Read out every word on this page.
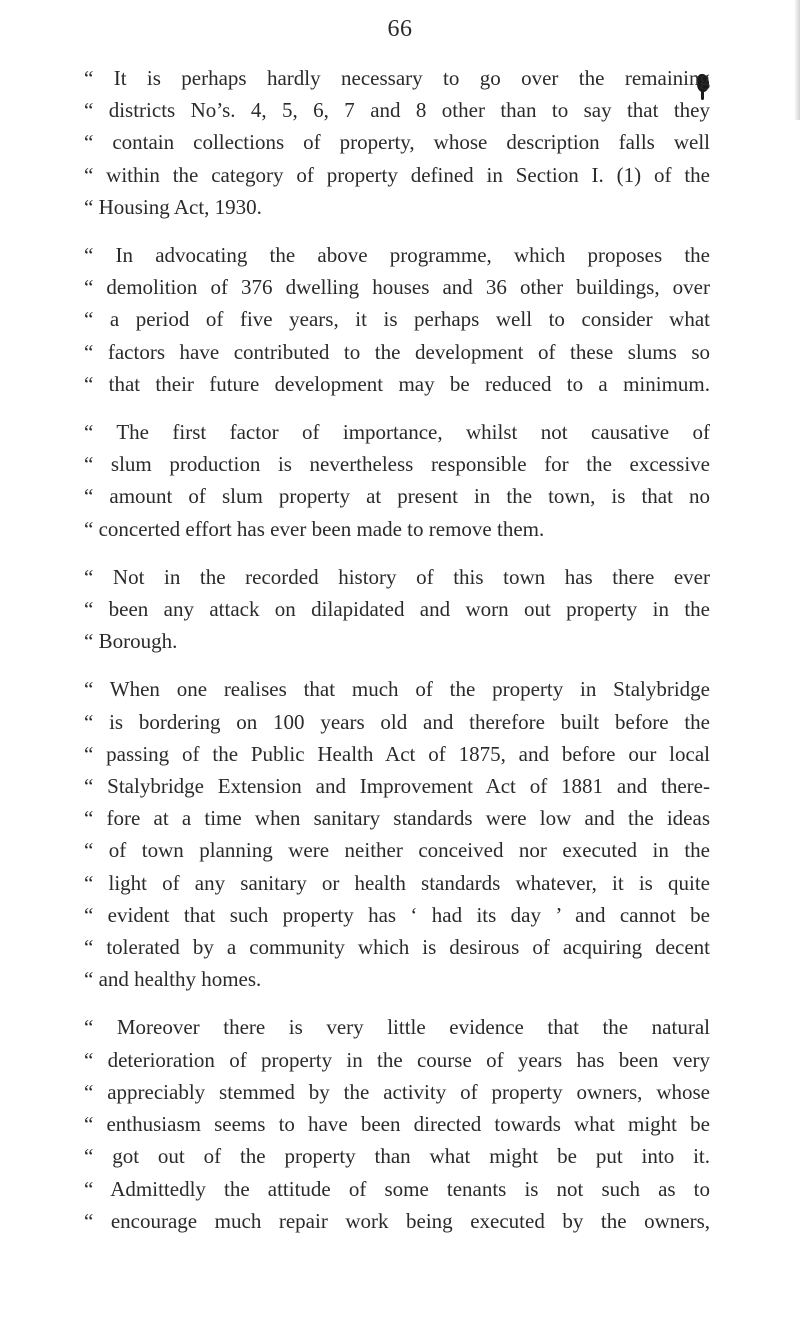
66
“ It is perhaps hardly necessary to go over the remaining
“ districts No’s. 4, 5, 6, 7 and 8 other than to say that they
“ contain collections of property, whose description falls well
“ within the category of property defined in Section I. (1) of the
“ Housing Act, 1930.
“ In advocating the above programme, which proposes the
“ demolition of 376 dwelling houses and 36 other buildings, over
“ a period of five years, it is perhaps well to consider what
“ factors have contributed to the development of these slums so
“ that their future development may be reduced to a minimum.
“ The first factor of importance, whilst not causative of
“ slum production is nevertheless responsible for the excessive
“ amount of slum property at present in the town, is that no
“ concerted effort has ever been made to remove them.
“ Not in the recorded history of this town has there ever
“ been any attack on dilapidated and worn out property in the
“ Borough.
“ When one realises that much of the property in Stalybridge
“ is bordering on 100 years old and therefore built before the
“ passing of the Public Health Act of 1875, and before our local
“ Stalybridge Extension and Improvement Act of 1881 and there-
“ fore at a time when sanitary standards were low and the ideas
“ of town planning were neither conceived nor executed in the
“ light of any sanitary or health standards whatever, it is quite
“ evident that such property has ‘ had its day ’ and cannot be
“ tolerated by a community which is desirous of acquiring decent
“ and healthy homes.
“ Moreover there is very little evidence that the natural
“ deterioration of property in the course of years has been very
“ appreciably stemmed by the activity of property owners, whose
“ enthusiasm seems to have been directed towards what might be
“ got out of the property than what might be put into it.
“ Admittedly the attitude of some tenants is not such as to
“ encourage much repair work being executed by the owners,
